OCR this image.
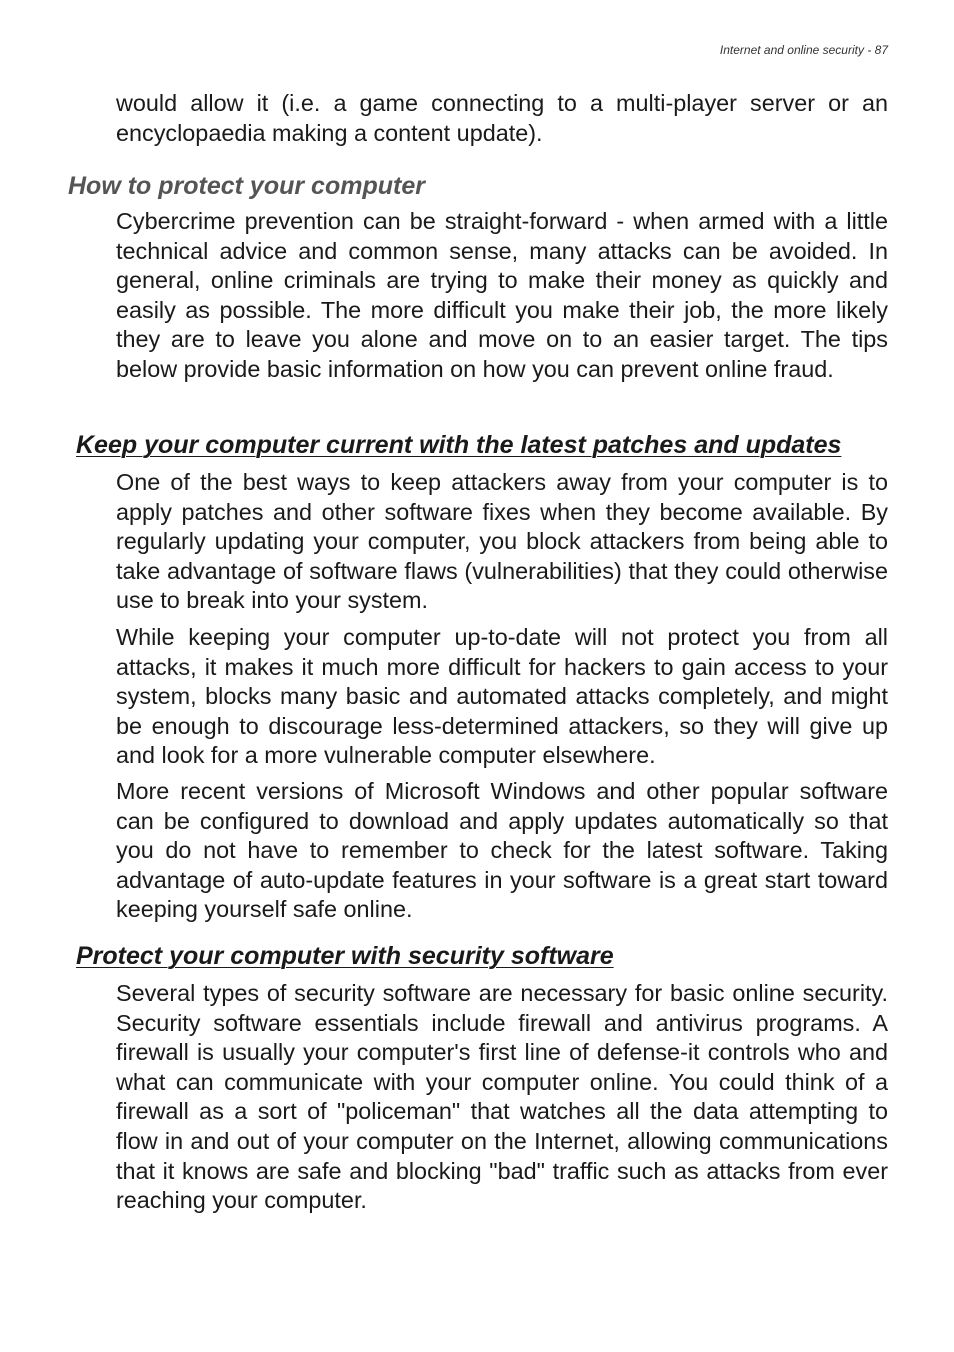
Internet and online security - 87

would allow it (i.e. a game connecting to a multi-player server or an encyclopaedia making a content update).

How to protect your computer

Cybercrime prevention can be straight-forward - when armed with a little technical advice and common sense, many attacks can be avoided. In general, online criminals are trying to make their money as quickly and easily as possible. The more difficult you make their job, the more likely they are to leave you alone and move on to an easier target. The tips below provide basic information on how you can prevent online fraud.

Keep your computer current with the latest patches and updates

One of the best ways to keep attackers away from your computer is to apply patches and other software fixes when they become available. By regularly updating your computer, you block attackers from being able to take advantage of software flaws (vulnerabilities) that they could otherwise use to break into your system.

While keeping your computer up-to-date will not protect you from all attacks, it makes it much more difficult for hackers to gain access to your system, blocks many basic and automated attacks completely, and might be enough to discourage less-determined attackers, so they will give up and look for a more vulnerable computer elsewhere.

More recent versions of Microsoft Windows and other popular software can be configured to download and apply updates automatically so that you do not have to remember to check for the latest software. Taking advantage of auto-update features in your software is a great start toward keeping yourself safe online.

Protect your computer with security software

Several types of security software are necessary for basic online security. Security software essentials include firewall and antivirus programs. A firewall is usually your computer's first line of defense-it controls who and what can communicate with your computer online. You could think of a firewall as a sort of "policeman" that watches all the data attempting to flow in and out of your computer on the Internet, allowing communications that it knows are safe and blocking "bad" traffic such as attacks from ever reaching your computer.
